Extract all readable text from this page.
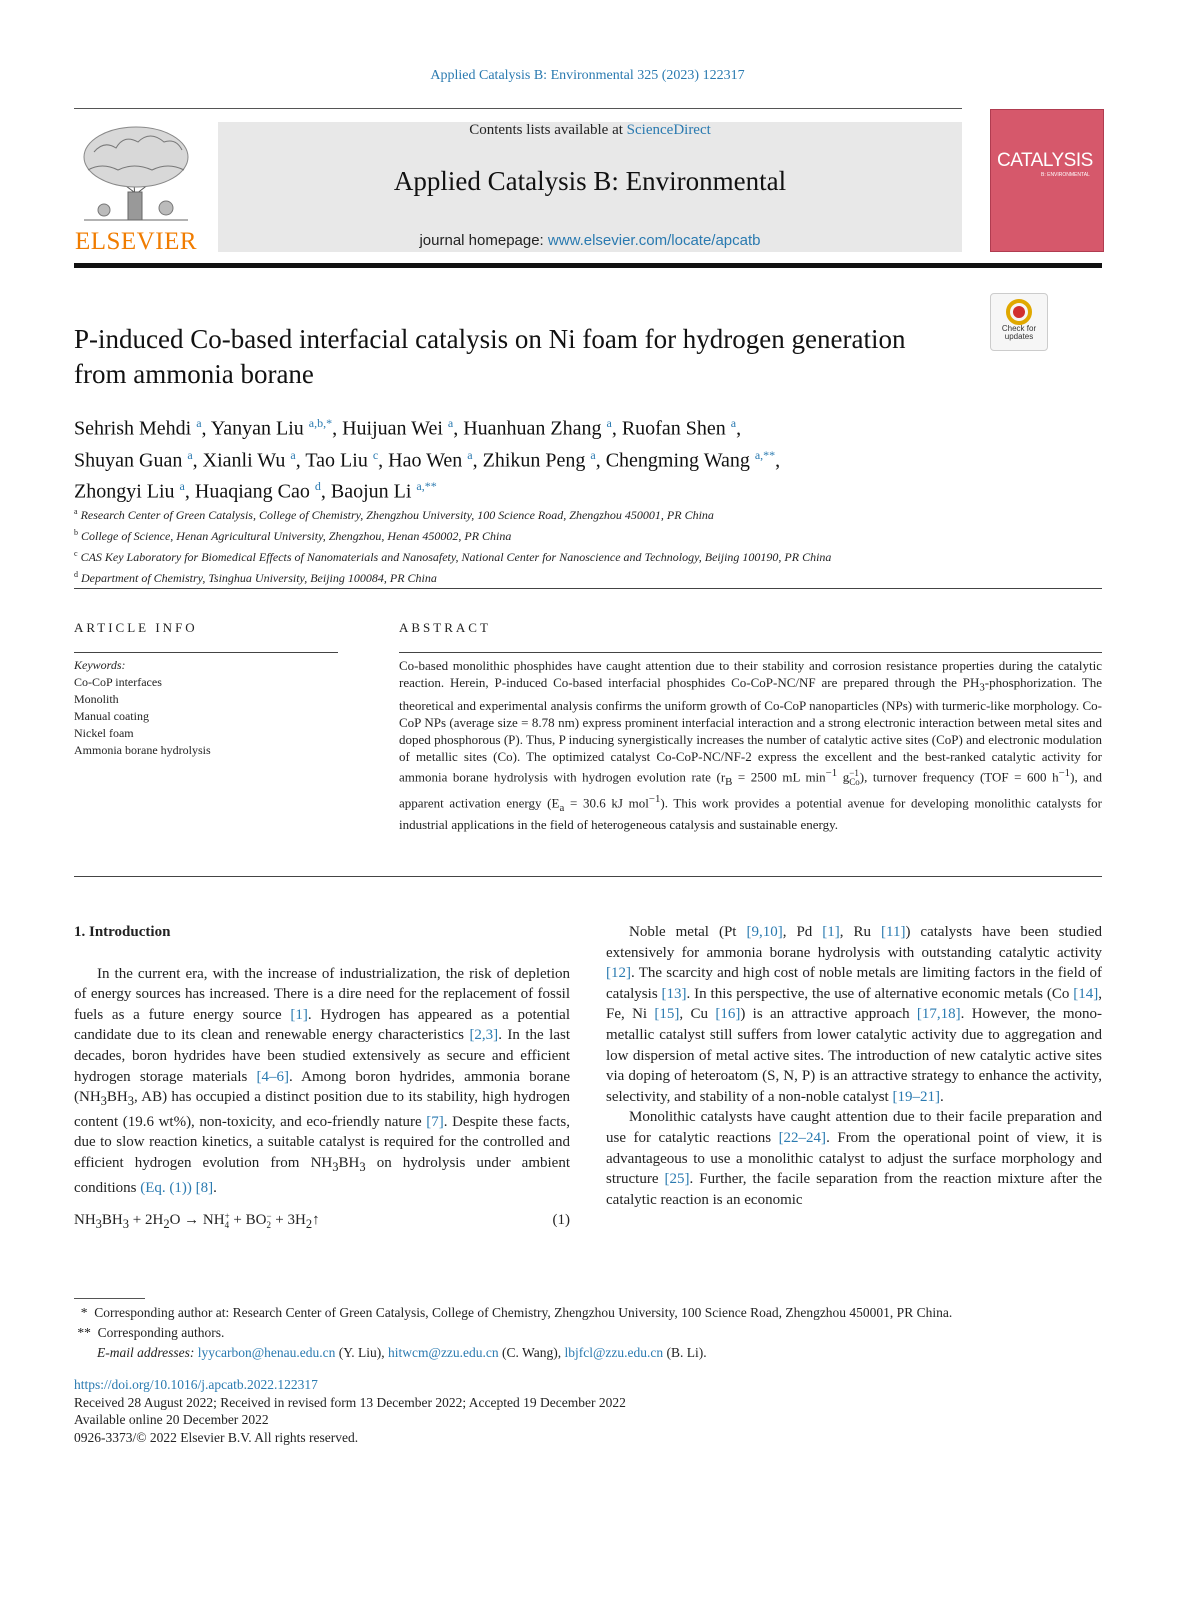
Applied Catalysis B: Environmental 325 (2023) 122317
ELSEVIER
Contents lists available at ScienceDirect
Applied Catalysis B: Environmental
journal homepage: www.elsevier.com/locate/apcatb
CATALYSIS
B: ENVIRONMENTAL
Check for updates
P-induced Co-based interfacial catalysis on Ni foam for hydrogen generation from ammonia borane
Sehrish Mehdi $^a$, Yanyan Liu $^{a,b,*}$, Huijuan Wei $^a$, Huanhuan Zhang $^a$, Ruofan Shen $^a$,
Shuyan Guan $^a$, Xianli Wu $^a$, Tao Liu $^c$, Hao Wen $^a$, Zhikun Peng $^a$, Chengming Wang $^{a,**}$,
Zhongyi Liu $^a$, Huaqiang Cao $^d$, Baojun Li $^{a,**}$
$^a$ Research Center of Green Catalysis, College of Chemistry, Zhengzhou University, 100 Science Road, Zhengzhou 450001, PR China
$^b$ College of Science, Henan Agricultural University, Zhengzhou, Henan 450002, PR China
$^c$ CAS Key Laboratory for Biomedical Effects of Nanomaterials and Nanosafety, National Center for Nanoscience and Technology, Beijing 100190, PR China
$^d$ Department of Chemistry, Tsinghua University, Beijing 100084, PR China
ARTICLE INFO	ABSTRACT
Keywords:
Co-CoP interfaces
Monolith
Manual coating
Nickel foam
Ammonia borane hydrolysis
Co-based monolithic phosphides have caught attention due to their stability and corrosion resistance properties during the catalytic reaction. Herein, P-induced Co-based interfacial phosphides Co-CoP-NC/NF are prepared through the $PH_3$-phosphorization. The theoretical and experimental analysis confirms the uniform growth of Co-CoP nanoparticles (NPs) with turmeric-like morphology. Co-CoP NPs (average size = 8.78 nm) express prominent interfacial interaction and a strong electronic interaction between metal sites and doped phosphorous (P). Thus, P inducing synergistically increases the number of catalytic active sites (CoP) and electronic modulation of metallic sites (Co). The optimized catalyst Co-CoP-NC/NF-2 express the excellent and the best-ranked catalytic activity for ammonia borane hydrolysis with hydrogen evolution rate ($r_B = 2500$ mL $\min^{-1} g -1$
Co ), turnover frequency (TOF = 600 $h^{-1}$), and apparent activation energy ($E_a = 30.6$ kJ mol$^{-1}$). This work provides a potential avenue for developing monolithic catalysts for industrial applications in the field of heterogeneous catalysis and sustainable energy.
1. Introduction

In the current era, with the increase of industrialization, the risk of depletion of energy sources has increased. There is a dire need for the replacement of fossil fuels as a future energy source [1]. Hydrogen has appeared as a potential candidate due to its clean and renewable energy characteristics [2,3]. In the last decades, boron hydrides have been studied extensively as secure and efficient hydrogen storage materials [4–6]. Among boron hydrides, ammonia borane ($NH_3BH_3$, AB) has occupied a distinct position due to its stability, high hydrogen content (19.6 wt%), non-toxicity, and eco-friendly nature [7]. Despite these facts, due to slow reaction kinetics, a suitable catalyst is required for the controlled and efficient hydrogen evolution from $NH_3BH_3$ on hydrolysis under ambient conditions (Eq. (1)) [8].

$NH_3BH_3 + 2H_2O$ → NH +
4 + BO −
$2 + 3H_2↑$	(1)

Noble metal (Pt [9,10], Pd [1], Ru [11]) catalysts have been studied extensively for ammonia borane hydrolysis with outstanding catalytic activity [12]. The scarcity and high cost of noble metals are limiting factors in the field of catalysis [13]. In this perspective, the use of alternative economic metals (Co [14], Fe, Ni [15], Cu [16]) is an attractive approach [17,18]. However, the mono-metallic catalyst still suffers from lower catalytic activity due to aggregation and low dispersion of metal active sites. The introduction of new catalytic active sites via doping of heteroatom (S, N, P) is an attractive strategy to enhance the activity, selectivity, and stability of a non-noble catalyst [19–21].

Monolithic catalysts have caught attention due to their facile preparation and use for catalytic reactions [22–24]. From the operational point of view, it is advantageous to use a monolithic catalyst to adjust the surface morphology and structure [25]. Further, the facile separation from the reaction mixture after the catalytic reaction is an economic

* Corresponding author at: Research Center of Green Catalysis, College of Chemistry, Zhengzhou University, 100 Science Road, Zhengzhou 450001, PR China.
** Corresponding authors.
E-mail addresses: lyycarbon@henau.edu.cn (Y. Liu), hitwcm@zzu.edu.cn (C. Wang), lbjfcl@zzu.edu.cn (B. Li).
https://doi.org/10.1016/j.apcatb.2022.122317
Received 28 August 2022; Received in revised form 13 December 2022; Accepted 19 December 2022
Available online 20 December 2022
0926-3373/© 2022 Elsevier B.V. All rights reserved.
